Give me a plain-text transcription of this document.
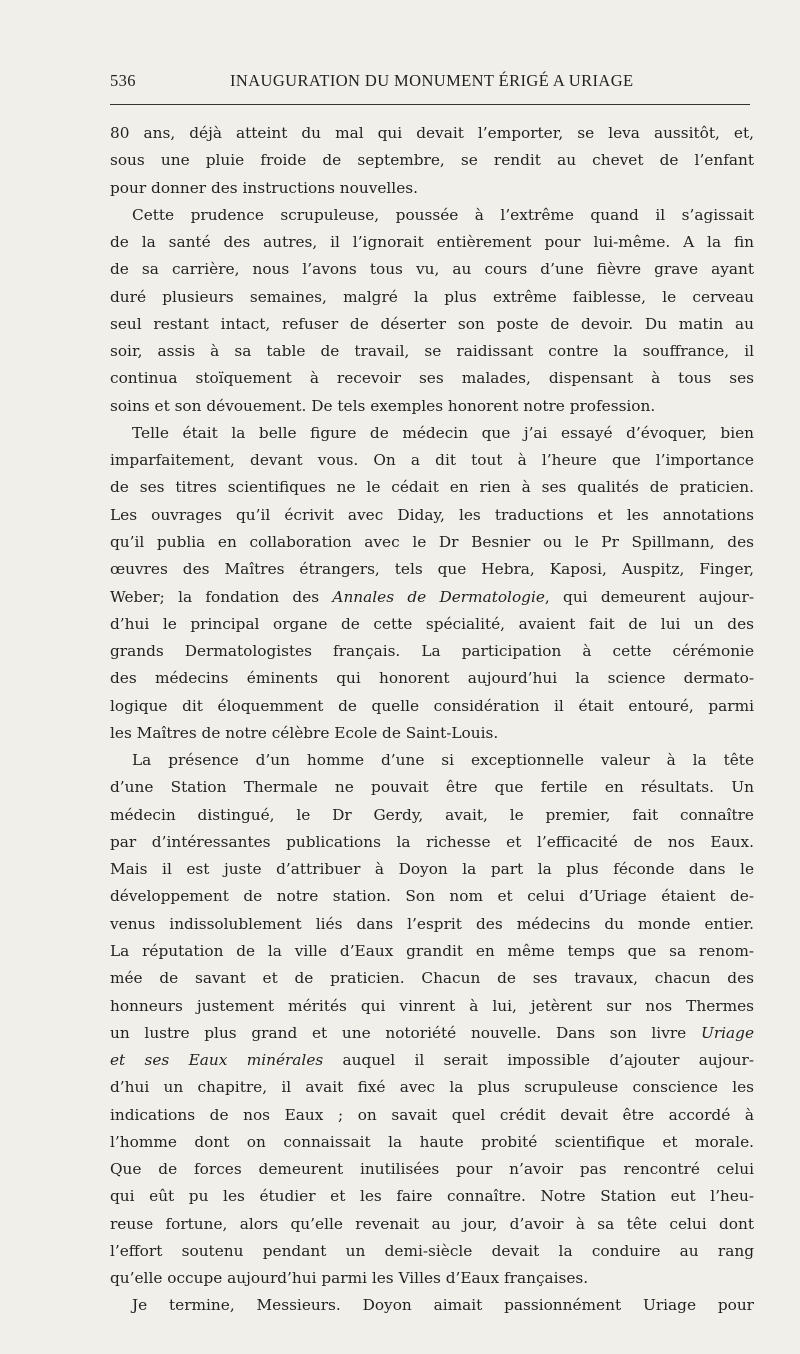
536	INAUGURATION DU MONUMENT ÉRIGÉ A URIAGE
80 ans, déjà atteint du mal qui devait l’emporter, se leva aussitôt, et,
sous une pluie froide de septembre, se rendit au chevet de l’enfant
pour donner des instructions nouvelles.
Cette prudence scrupuleuse, poussée à l’extrême quand il s’agissait
de la santé des autres, il l’ignorait entièrement pour lui-même. A la fin
de sa carrière, nous l’avons tous vu, au cours d’une fièvre grave ayant
duré plusieurs semaines, malgré la plus extrême faiblesse, le cerveau
seul restant intact, refuser de déserter son poste de devoir. Du matin au
soir, assis à sa table de travail, se raidissant contre la souffrance, il
continua stoïquement à recevoir ses malades, dispensant à tous ses
soins et son dévouement. De tels exemples honorent notre profession.
Telle était la belle figure de médecin que j’ai essayé d’évoquer, bien
imparfaitement, devant vous. On a dit tout à l’heure que l’importance
de ses titres scientifiques ne le cédait en rien à ses qualités de praticien.
Les ouvrages qu’il écrivit avec Diday, les traductions et les annotations
qu’il publia en collaboration avec le Dr Besnier ou le Pr Spillmann, des
œuvres des Maîtres étrangers, tels que Hebra, Kaposi, Auspitz, Finger,
Weber; la fondation des Annales de Dermatologie, qui demeurent aujour-
d’hui le principal organe de cette spécialité, avaient fait de lui un des
grands Dermatologistes français. La participation à cette cérémonie
des médecins éminents qui honorent aujourd’hui la science dermato-
logique dit éloquemment de quelle considération il était entouré, parmi
les Maîtres de notre célèbre Ecole de Saint-Louis.
La présence d’un homme d’une si exceptionnelle valeur à la tête
d’une Station Thermale ne pouvait être que fertile en résultats. Un
médecin distingué, le Dr Gerdy, avait, le premier, fait connaître
par d’intéressantes publications la richesse et l’efficacité de nos Eaux.
Mais il est juste d’attribuer à Doyon la part la plus féconde dans le
développement de notre station. Son nom et celui d’Uriage étaient de-
venus indissolublement liés dans l’esprit des médecins du monde entier.
La réputation de la ville d’Eaux grandit en même temps que sa renom-
mée de savant et de praticien. Chacun de ses travaux, chacun des
honneurs justement mérités qui vinrent à lui, jetèrent sur nos Thermes
un lustre plus grand et une notoriété nouvelle. Dans son livre Uriage
et ses Eaux minérales auquel il serait impossible d’ajouter aujour-
d’hui un chapitre, il avait fixé avec la plus scrupuleuse conscience les
indications de nos Eaux ; on savait quel crédit devait être accordé à
l’homme dont on connaissait la haute probité scientifique et morale.
Que de forces demeurent inutilisées pour n’avoir pas rencontré celui
qui eût pu les étudier et les faire connaître. Notre Station eut l’heu-
reuse fortune, alors qu’elle revenait au jour, d’avoir à sa tête celui dont
l’effort soutenu pendant un demi-siècle devait la conduire au rang
qu’elle occupe aujourd’hui parmi les Villes d’Eaux françaises.
Je termine, Messieurs. Doyon aimait passionnément Uriage pour
